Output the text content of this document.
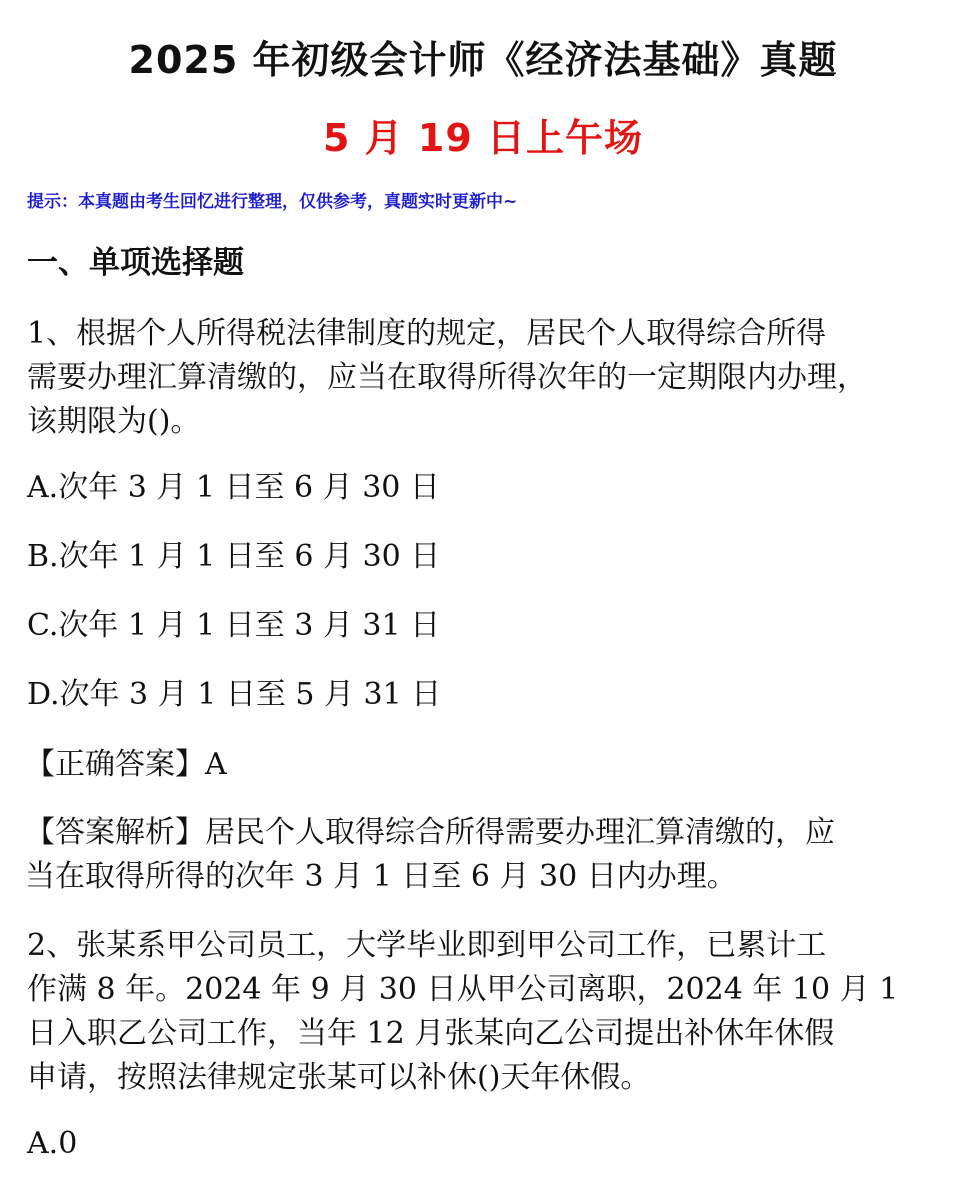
2025 年初级会计师《经济法基础》真题
5 月 19 日上午场
提示：本真题由考生回忆进行整理，仅供参考，真题实时更新中~
一、单项选择题
1、根据个人所得税法律制度的规定，居民个人取得综合所得
需要办理汇算清缴的，应当在取得所得次年的一定期限内办理，
该期限为()。
A.次年 3 月 1 日至 6 月 30 日
B.次年 1 月 1 日至 6 月 30 日
C.次年 1 月 1 日至 3 月 31 日
D.次年 3 月 1 日至 5 月 31 日
【正确答案】A
【答案解析】居民个人取得综合所得需要办理汇算清缴的，应
当在取得所得的次年 3 月 1 日至 6 月 30 日内办理。
2、张某系甲公司员工，大学毕业即到甲公司工作，已累计工
作满 8 年。2024 年 9 月 30 日从甲公司离职，2024 年 10 月 1
日入职乙公司工作，当年 12 月张某向乙公司提出补休年休假
申请，按照法律规定张某可以补休()天年休假。
A.0
